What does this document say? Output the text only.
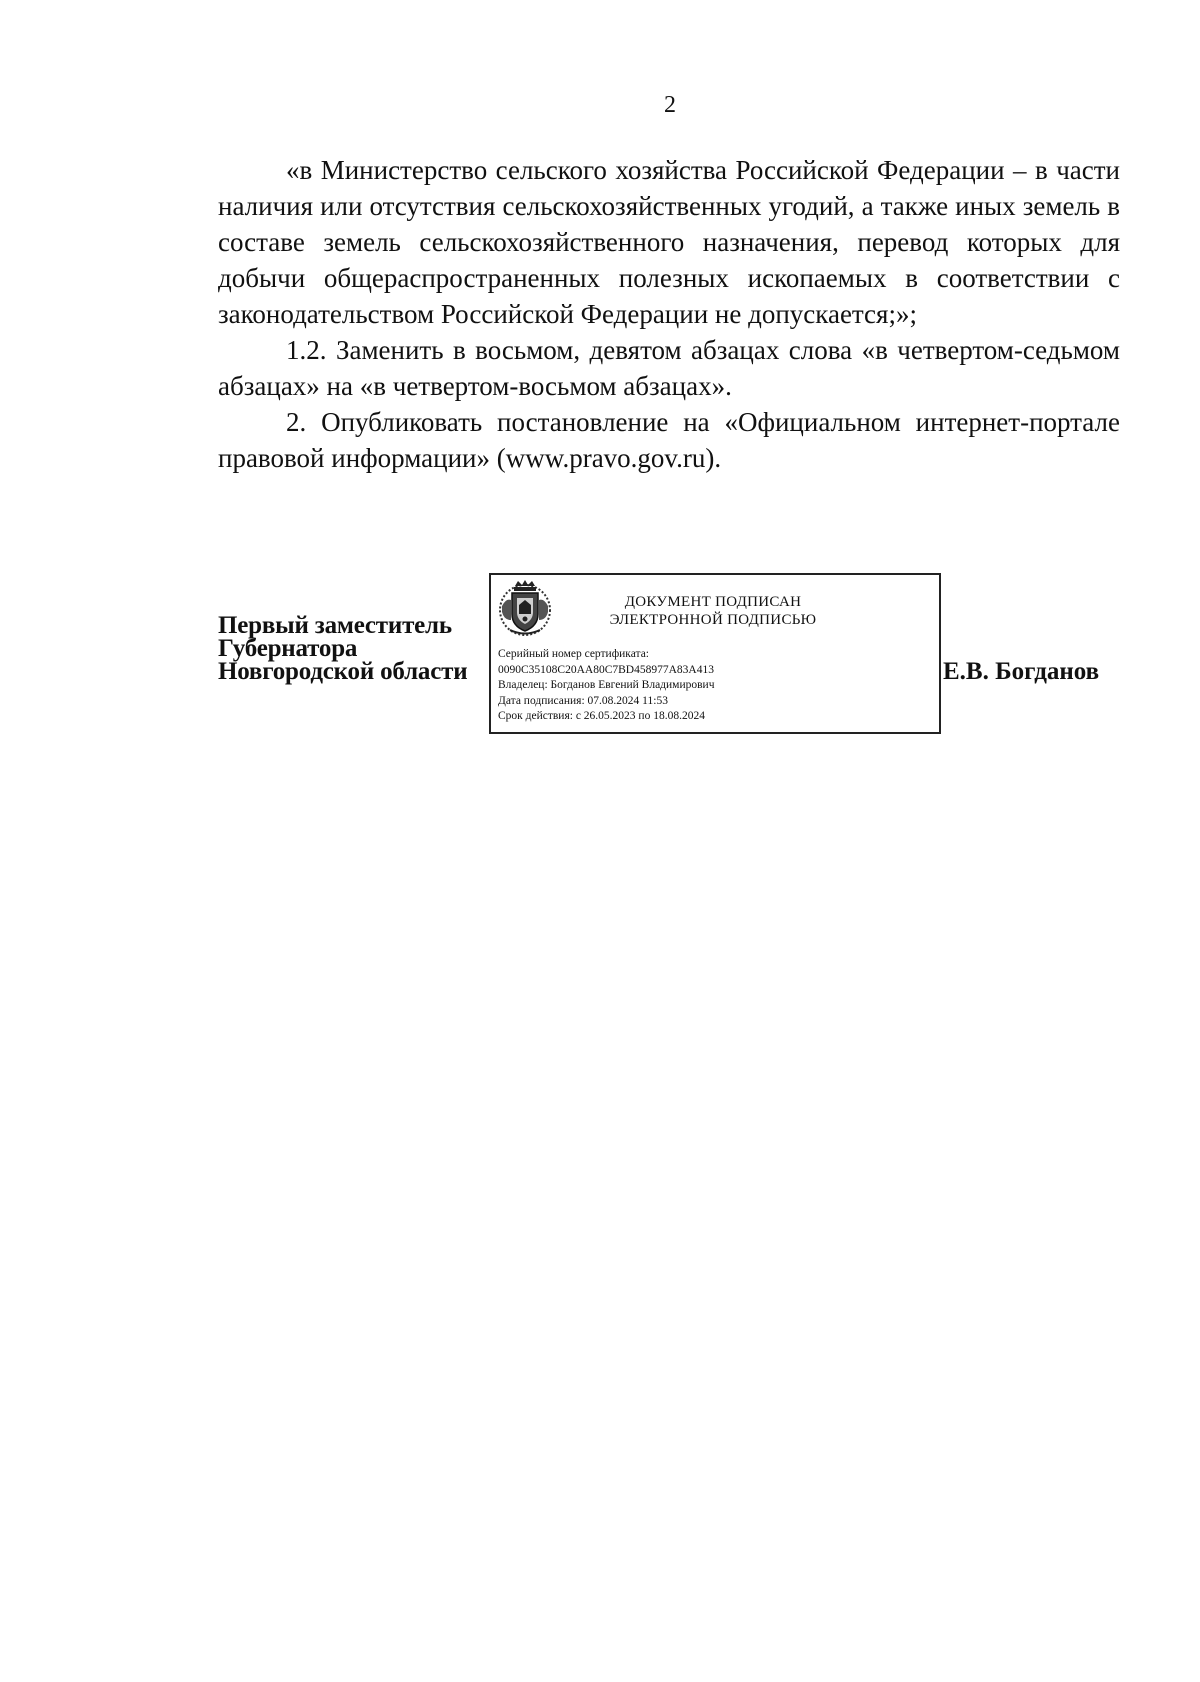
2

«в Министерство сельского хозяйства Российской Федерации – в части наличия или отсутствия сельскохозяйственных угодий, а также иных земель в составе земель сельскохозяйственного назначения, перевод которых для добычи общераспространенных полезных ископаемых в соответствии с законодательством Российской Федерации не допускается;»;

1.2. Заменить в восьмом, девятом абзацах слова «в четвертом-седьмом абзацах» на «в четвертом-восьмом абзацах».

2. Опубликовать постановление на «Официальном интернет-портале правовой информации» (www.pravo.gov.ru).

Первый заместитель
Губернатора
Новгородской области
ДОКУМЕНТ ПОДПИСАН
ЭЛЕКТРОННОЙ ПОДПИСЬЮ
Серийный номер сертификата:
0090C35108C20AA80C7BD458977A83A413
Владелец: Богданов Евгений Владимирович
Дата подписания: 07.08.2024 11:53
Срок действия: с 26.05.2023 по 18.08.2024
Е.В. Богданов
